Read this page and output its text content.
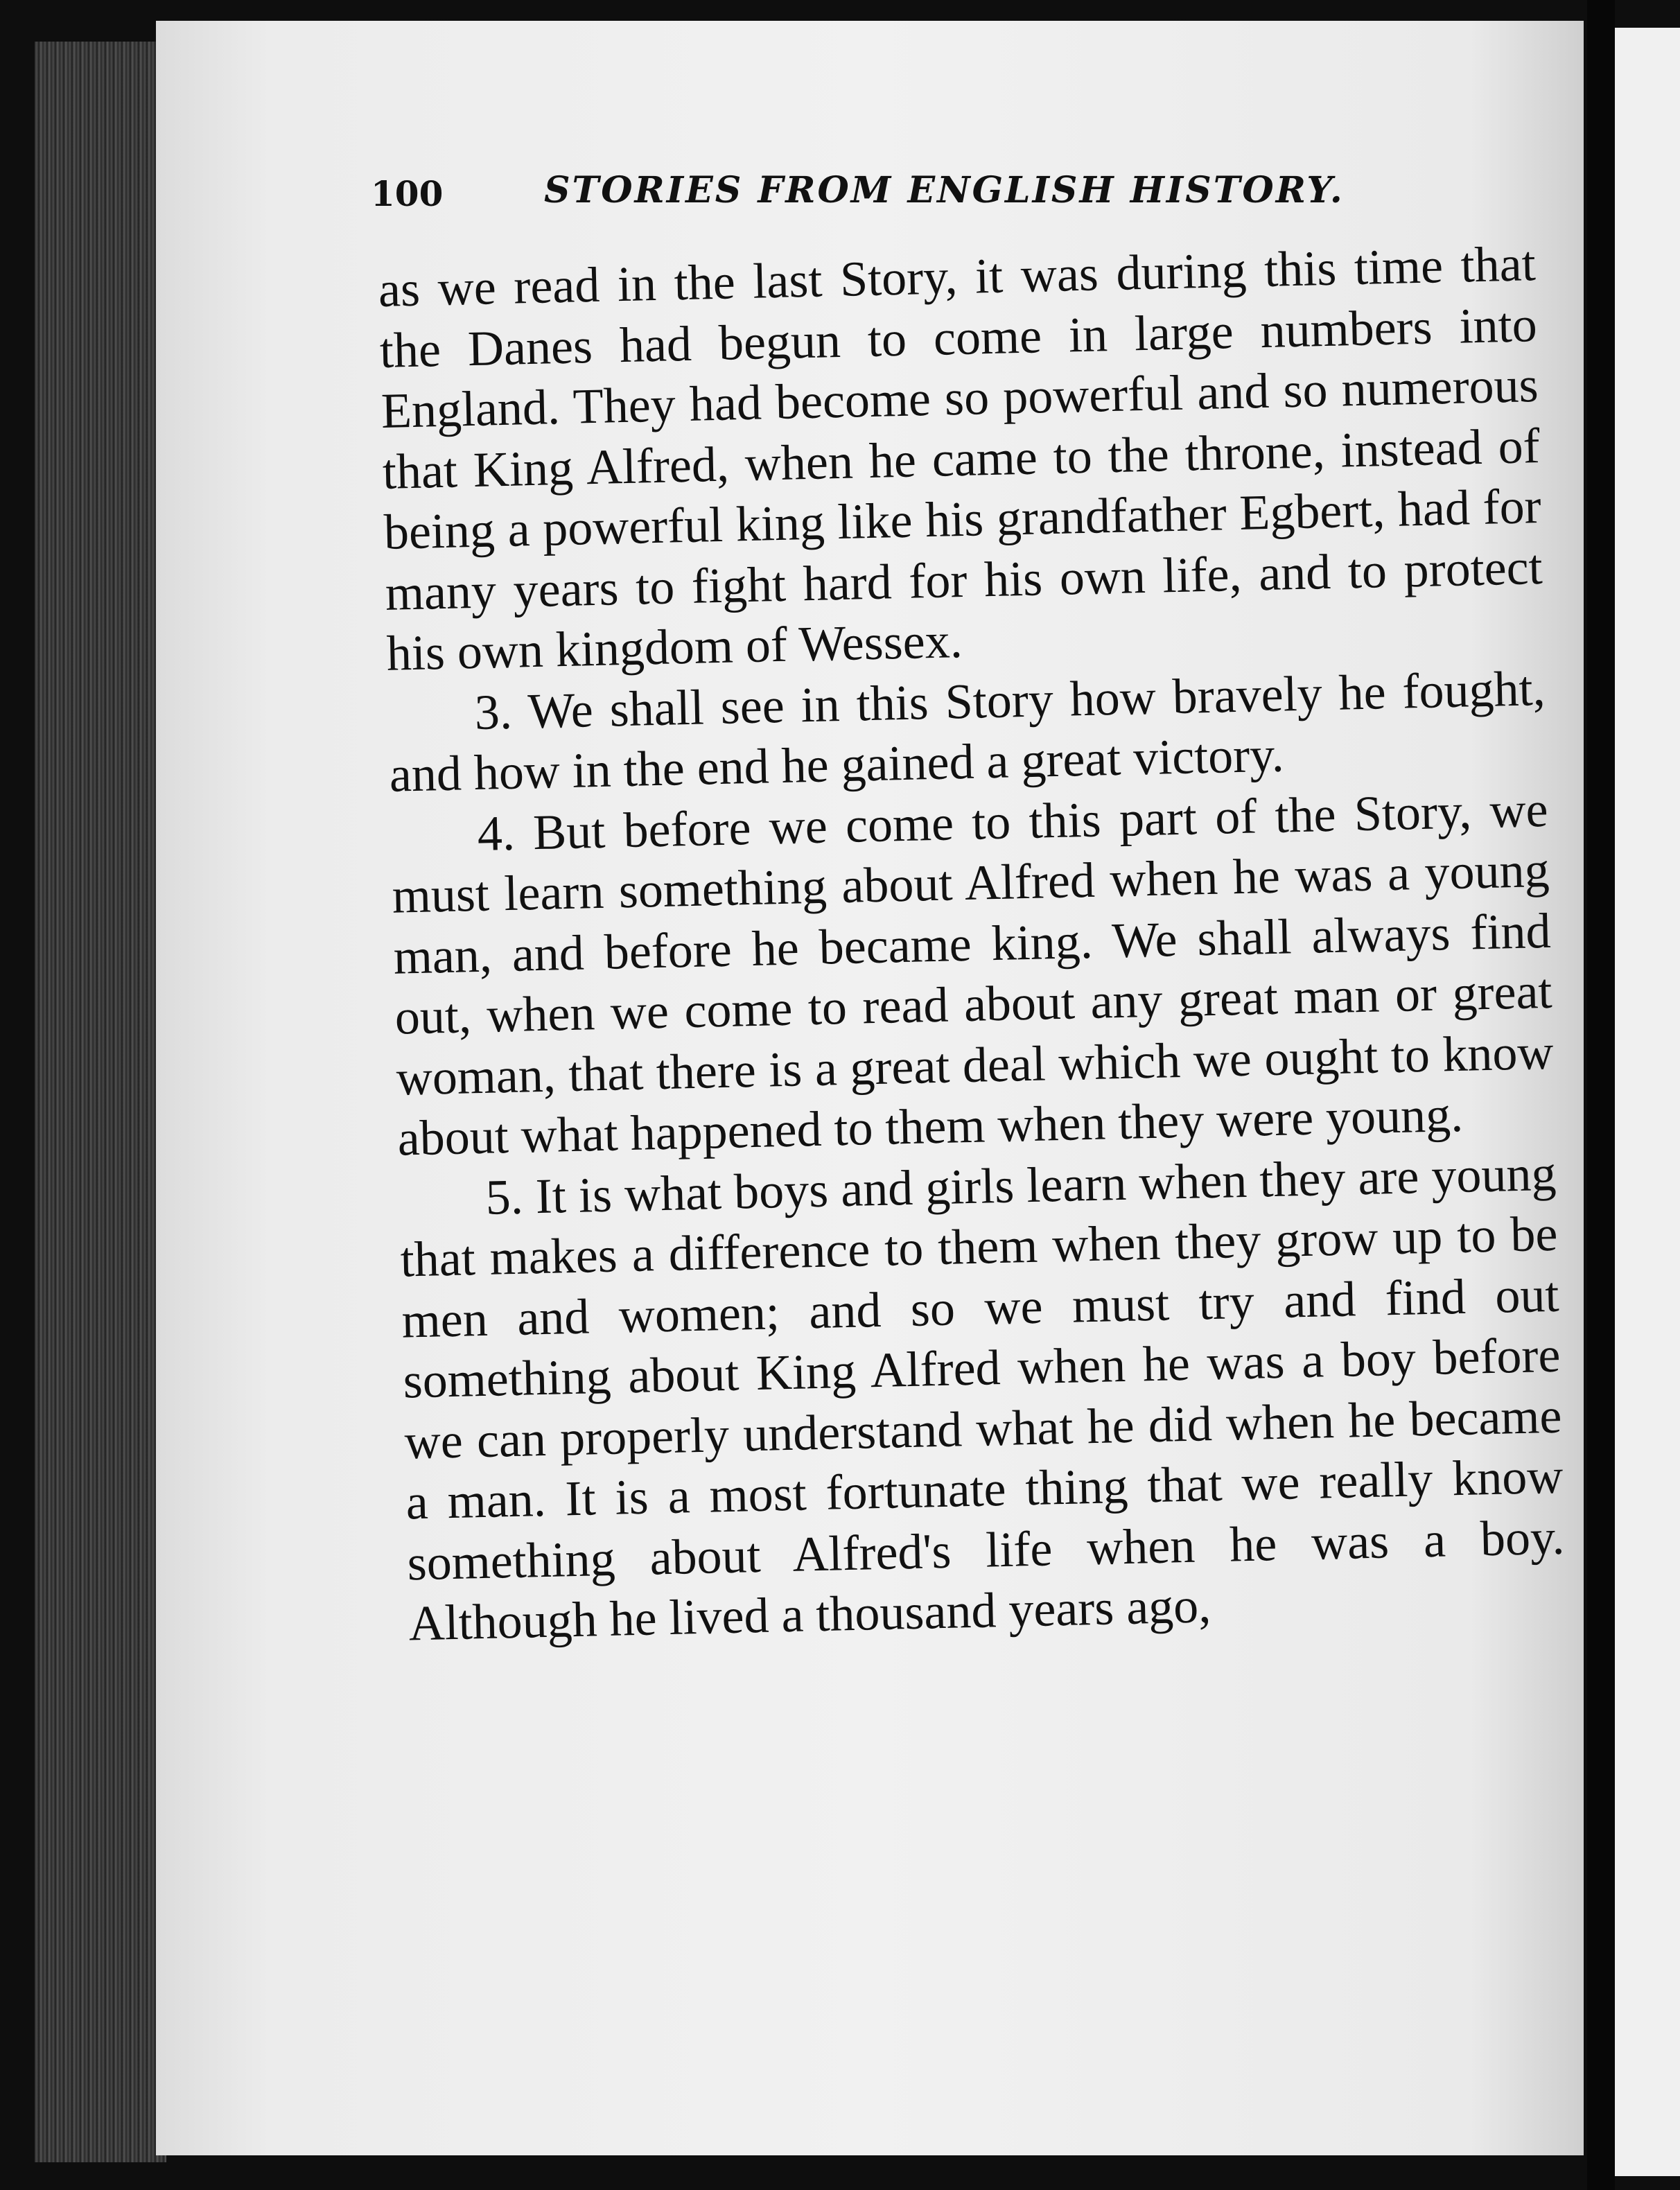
100	STORIES FROM ENGLISH HISTORY.

as we read in the last Story, it was during this time that the Danes had begun to come in large numbers into England. They had become so powerful and so numerous that King Alfred, when he came to the throne, instead of being a powerful king like his grandfather Egbert, had for many years to fight hard for his own life, and to protect his own kingdom of Wessex.

3. We shall see in this Story how bravely he fought, and how in the end he gained a great victory.

4. But before we come to this part of the Story, we must learn something about Alfred when he was a young man, and before he became king. We shall always find out, when we come to read about any great man or great woman, that there is a great deal which we ought to know about what happened to them when they were young.

5. It is what boys and girls learn when they are young that makes a difference to them when they grow up to be men and women; and so we must try and find out something about King Alfred when he was a boy before we can properly understand what he did when he became a man. It is a most fortunate thing that we really know something about Alfred's life when he was a boy. Although he lived a thousand years ago,
